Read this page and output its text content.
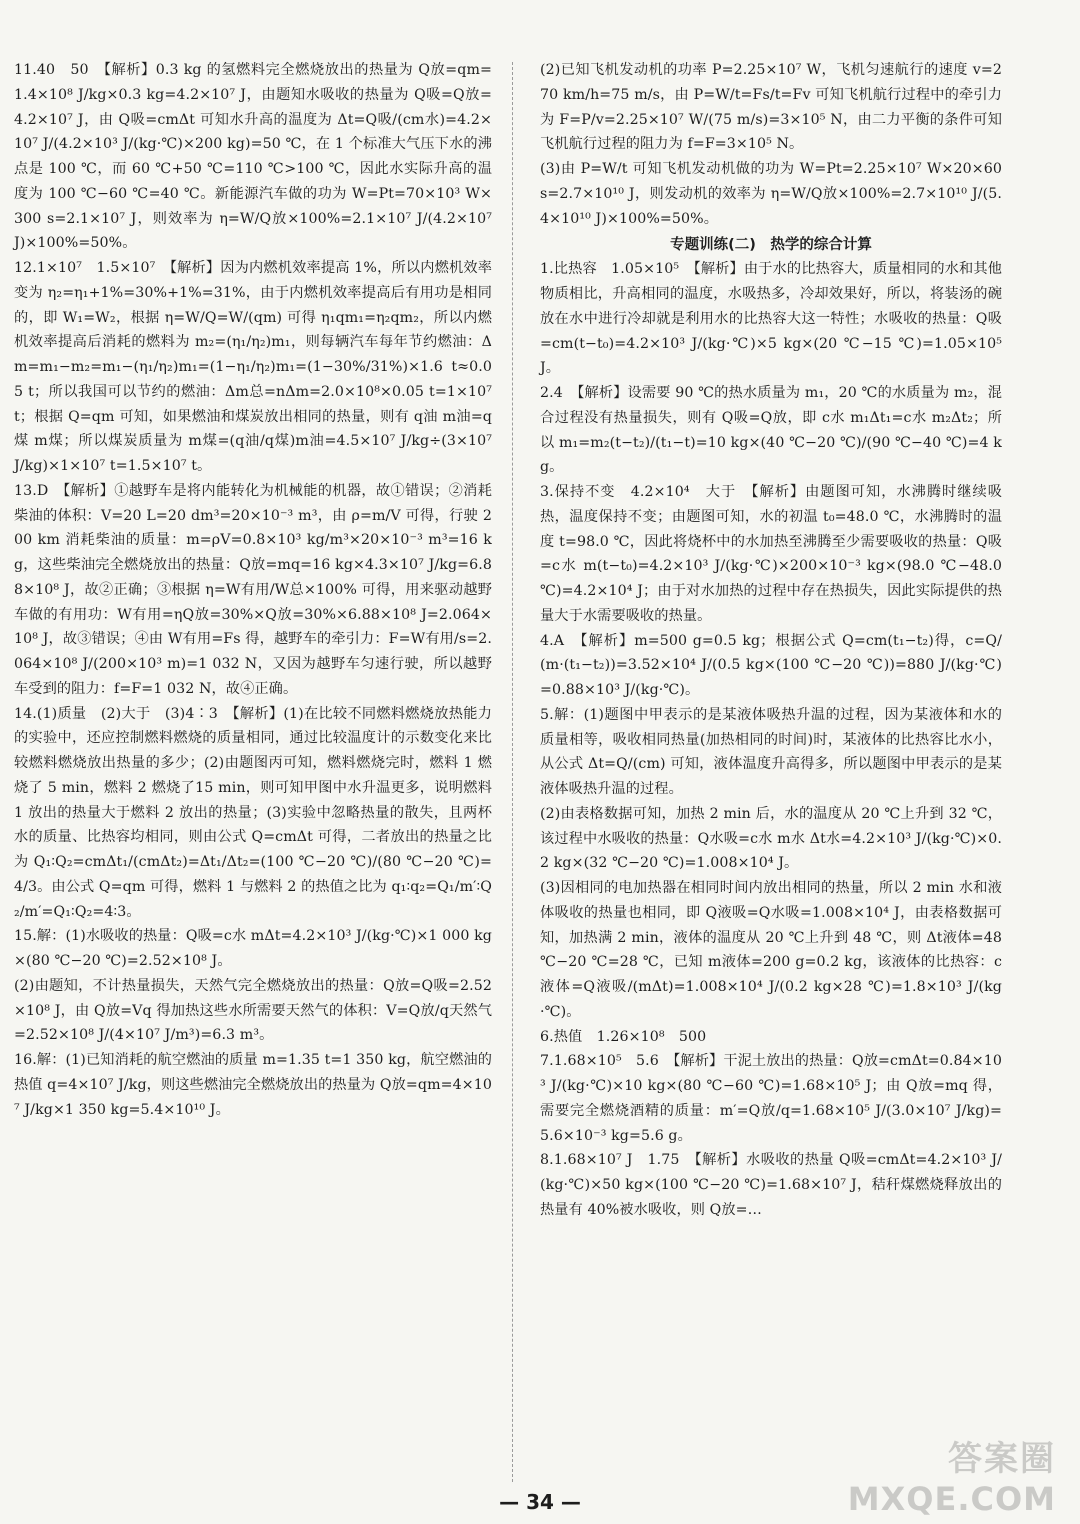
11.40　50　【解析】0.3 kg 的氢燃料完全燃烧放出的热量为 Q放=qm=1.4×10⁸ J/kg×0.3 kg=4.2×10⁷ J，由题知水吸收的热量为 Q吸=Q放=4.2×10⁷ J，由 Q吸=cmΔt 可知水升高的温度为 Δt=Q吸/(cm水)=4.2×10⁷ J/(4.2×10³ J/(kg·℃)×200 kg)=50 ℃，在 1 个标准大气压下水的沸点是 100 ℃，而 60 ℃+50 ℃=110 ℃>100 ℃，因此水实际升高的温度为 100 ℃−60 ℃=40 ℃。新能源汽车做的功为 W=Pt=70×10³ W×300 s=2.1×10⁷ J，则效率为 η=W/Q放×100%=2.1×10⁷ J/(4.2×10⁷ J)×100%=50%。

12.1×10⁷　1.5×10⁷　【解析】因为内燃机效率提高 1%，所以内燃机效率变为 η₂=η₁+1%=30%+1%=31%，由于内燃机效率提高后有用功是相同的，即 W₁=W₂，根据 η=W/Q=W/(qm) 可得 η₁qm₁=η₂qm₂，所以内燃机效率提高后消耗的燃料为 m₂=(η₁/η₂)m₁，则每辆汽车每年节约燃油：Δm=m₁−m₂=m₁−(η₁/η₂)m₁=(1−η₁/η₂)m₁=(1−30%/31%)×1.6 t≈0.05 t；所以我国可以节约的燃油：Δm总=nΔm=2.0×10⁸×0.05 t=1×10⁷ t；根据 Q=qm 可知，如果燃油和煤炭放出相同的热量，则有 q油 m油=q煤 m煤；所以煤炭质量为 m煤=(q油/q煤)m油=4.5×10⁷ J/kg÷(3×10⁷ J/kg)×1×10⁷ t=1.5×10⁷ t。

13.D　【解析】①越野车是将内能转化为机械能的机器，故①错误；②消耗柴油的体积：V=20 L=20 dm³=20×10⁻³ m³，由 ρ=m/V 可得，行驶 200 km 消耗柴油的质量：m=ρV=0.8×10³ kg/m³×20×10⁻³ m³=16 kg，这些柴油完全燃烧放出的热量：Q放=mq=16 kg×4.3×10⁷ J/kg=6.88×10⁸ J，故②正确；③根据 η=W有用/W总×100% 可得，用来驱动越野车做的有用功：W有用=ηQ放=30%×Q放=30%×6.88×10⁸ J=2.064×10⁸ J，故③错误；④由 W有用=Fs 得，越野车的牵引力：F=W有用/s=2.064×10⁸ J/(200×10³ m)=1 032 N，又因为越野车匀速行驶，所以越野车受到的阻力：f=F=1 032 N，故④正确。

14.(1)质量　(2)大于　(3)4∶3　【解析】(1)在比较不同燃料燃烧放热能力的实验中，还应控制燃料燃烧的质量相同，通过比较温度计的示数变化来比较燃料燃烧放出热量的多少；(2)由题图丙可知，燃料燃烧完时，燃料 1 燃烧了 5 min，燃料 2 燃烧了15 min，则可知甲图中水升温更多，说明燃料 1 放出的热量大于燃料 2 放出的热量；(3)实验中忽略热量的散失，且两杯水的质量、比热容均相同，则由公式 Q=cmΔt 可得，二者放出的热量之比为 Q₁∶Q₂=cmΔt₁/(cmΔt₂)=Δt₁/Δt₂=(100 ℃−20 ℃)/(80 ℃−20 ℃)=4/3。由公式 Q=qm 可得，燃料 1 与燃料 2 的热值之比为 q₁∶q₂=Q₁/m′∶Q₂/m′=Q₁∶Q₂=4∶3。

15.解：(1)水吸收的热量：Q吸=c水 mΔt=4.2×10³ J/(kg·℃)×1 000 kg×(80 ℃−20 ℃)=2.52×10⁸ J。

(2)由题知，不计热量损失，天然气完全燃烧放出的热量：Q放=Q吸=2.52×10⁸ J，由 Q放=Vq 得加热这些水所需要天然气的体积：V=Q放/q天然气=2.52×10⁸ J/(4×10⁷ J/m³)=6.3 m³。

16.解：(1)已知消耗的航空燃油的质量 m=1.35 t=1 350 kg，航空燃油的热值 q=4×10⁷ J/kg，则这些燃油完全燃烧放出的热量为 Q放=qm=4×10⁷ J/kg×1 350 kg=5.4×10¹⁰ J。

(2)已知飞机发动机的功率 P=2.25×10⁷ W，飞机匀速航行的速度 v=270 km/h=75 m/s，由 P=W/t=Fs/t=Fv 可知飞机航行过程中的牵引力为 F=P/v=2.25×10⁷ W/(75 m/s)=3×10⁵ N，由二力平衡的条件可知飞机航行过程的阻力为 f=F=3×10⁵ N。

(3)由 P=W/t 可知飞机发动机做的功为 W=Pt=2.25×10⁷ W×20×60 s=2.7×10¹⁰ J，则发动机的效率为 η=W/Q放×100%=2.7×10¹⁰ J/(5.4×10¹⁰ J)×100%=50%。

专题训练(二)　热学的综合计算

1.比热容　1.05×10⁵　【解析】由于水的比热容大，质量相同的水和其他物质相比，升高相同的温度，水吸热多，冷却效果好，所以，将装汤的碗放在水中进行冷却就是利用水的比热容大这一特性；水吸收的热量：Q吸=cm(t−t₀)=4.2×10³ J/(kg·℃)×5 kg×(20 ℃−15 ℃)=1.05×10⁵ J。

2.4　【解析】设需要 90 ℃的热水质量为 m₁，20 ℃的水质量为 m₂，混合过程没有热量损失，则有 Q吸=Q放，即 c水 m₁Δt₁=c水 m₂Δt₂；所以 m₁=m₂(t−t₂)/(t₁−t)=10 kg×(40 ℃−20 ℃)/(90 ℃−40 ℃)=4 kg。

3.保持不变　4.2×10⁴　大于　【解析】由题图可知，水沸腾时继续吸热，温度保持不变；由题图可知，水的初温 t₀=48.0 ℃，水沸腾时的温度 t=98.0 ℃，因此将烧杯中的水加热至沸腾至少需要吸收的热量：Q吸=c水 m(t−t₀)=4.2×10³ J/(kg·℃)×200×10⁻³ kg×(98.0 ℃−48.0 ℃)=4.2×10⁴ J；由于对水加热的过程中存在热损失，因此实际提供的热量大于水需要吸收的热量。

4.A　【解析】m=500 g=0.5 kg；根据公式 Q=cm(t₁−t₂)得，c=Q/(m·(t₁−t₂))=3.52×10⁴ J/(0.5 kg×(100 ℃−20 ℃))=880 J/(kg·℃)=0.88×10³ J/(kg·℃)。

5.解：(1)题图中甲表示的是某液体吸热升温的过程，因为某液体和水的质量相等，吸收相同热量(加热相同的时间)时，某液体的比热容比水小，从公式 Δt=Q/(cm) 可知，液体温度升高得多，所以题图中甲表示的是某液体吸热升温的过程。

(2)由表格数据可知，加热 2 min 后，水的温度从 20 ℃上升到 32 ℃，该过程中水吸收的热量：Q水吸=c水 m水 Δt水=4.2×10³ J/(kg·℃)×0.2 kg×(32 ℃−20 ℃)=1.008×10⁴ J。

(3)因相同的电加热器在相同时间内放出相同的热量，所以 2 min 水和液体吸收的热量也相同，即 Q液吸=Q水吸=1.008×10⁴ J，由表格数据可知，加热满 2 min，液体的温度从 20 ℃上升到 48 ℃，则 Δt液体=48 ℃−20 ℃=28 ℃，已知 m液体=200 g=0.2 kg，该液体的比热容：c液体=Q液吸/(mΔt)=1.008×10⁴ J/(0.2 kg×28 ℃)=1.8×10³ J/(kg·℃)。

6.热值　1.26×10⁸　500

7.1.68×10⁵　5.6　【解析】干泥土放出的热量：Q放=cmΔt=0.84×10³ J/(kg·℃)×10 kg×(80 ℃−60 ℃)=1.68×10⁵ J；由 Q放=mq 得，需要完全燃烧酒精的质量：m′=Q放/q=1.68×10⁵ J/(3.0×10⁷ J/kg)=5.6×10⁻³ kg=5.6 g。

8.1.68×10⁷ J　1.75　【解析】水吸收的热量 Q吸=cmΔt=4.2×10³ J/(kg·℃)×50 kg×(100 ℃−20 ℃)=1.68×10⁷ J，秸秆煤燃烧释放出的热量有 40%被水吸收，则 Q放=…

— 34 —
答案圈
MXQE.COM
